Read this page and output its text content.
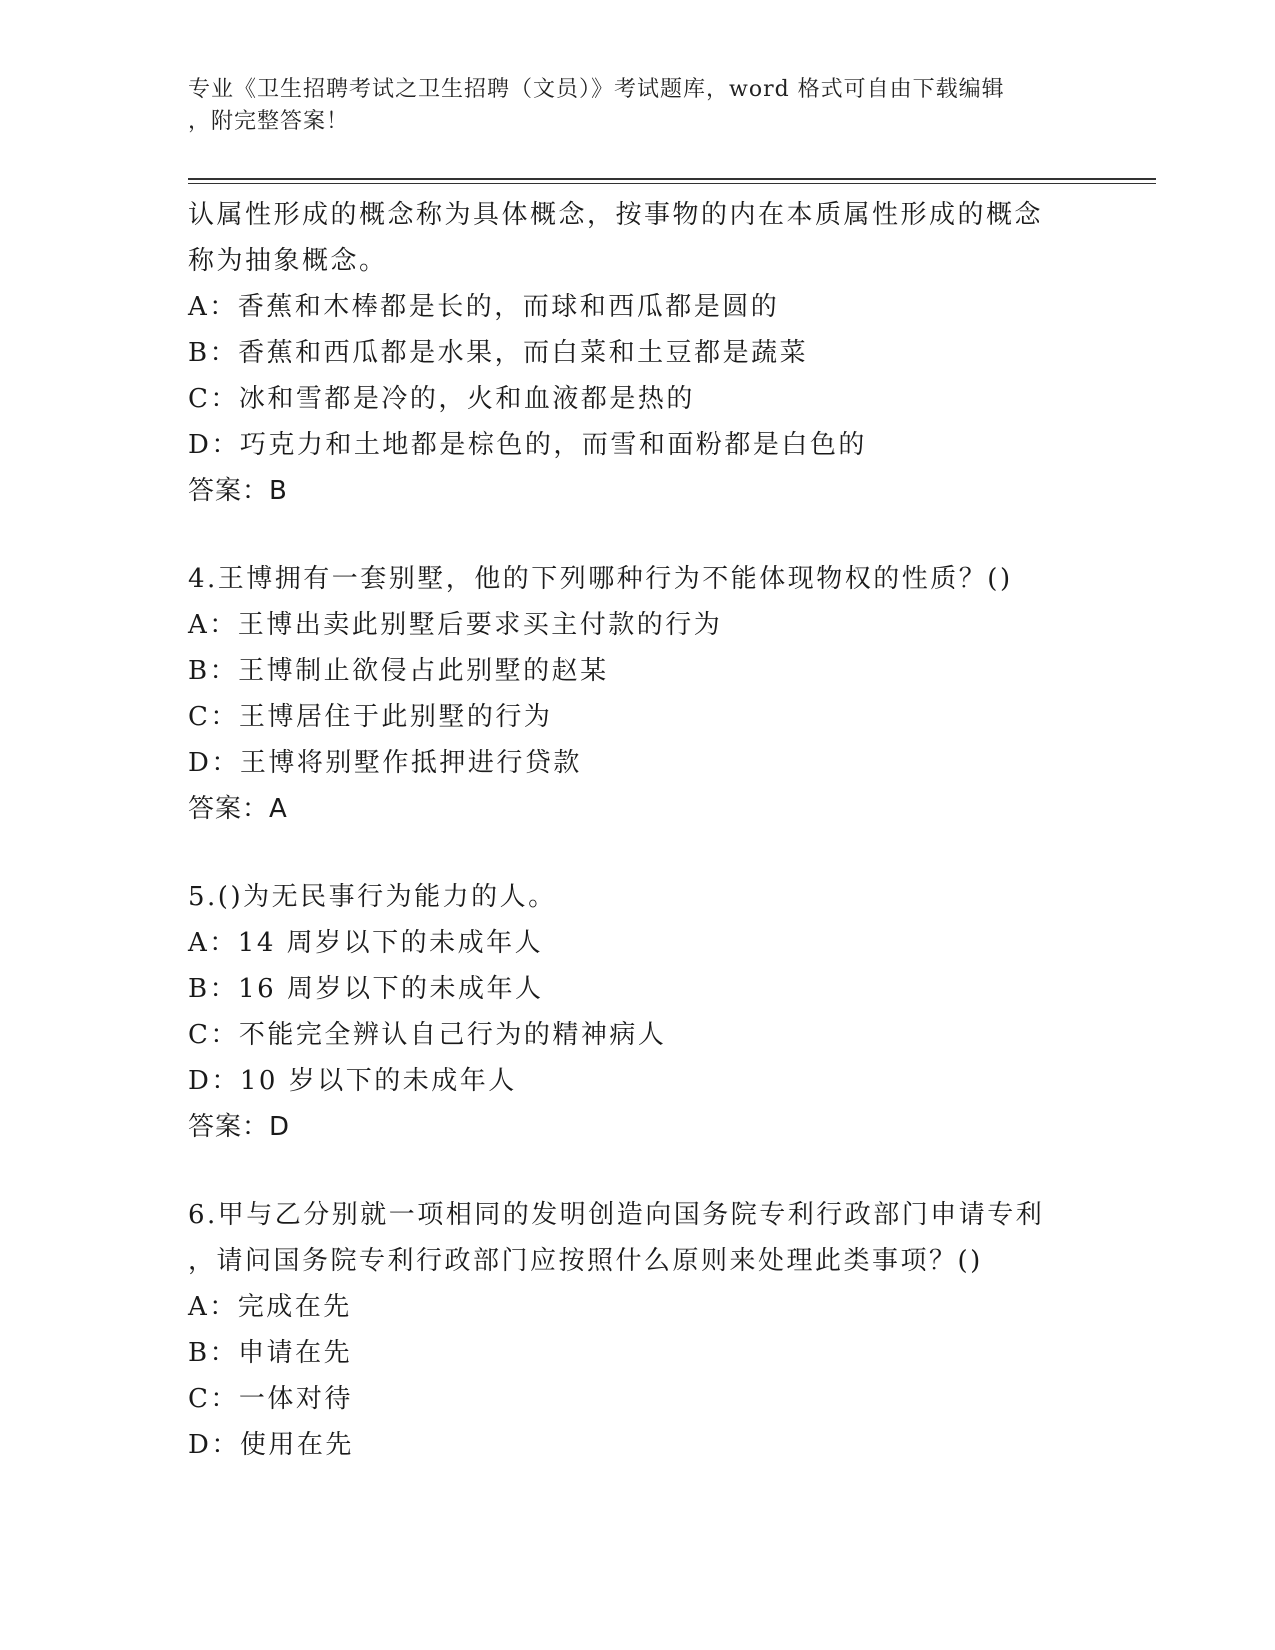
专业《卫生招聘考试之卫生招聘（文员）》考试题库，word 格式可自由下载编辑
，附完整答案！
认属性形成的概念称为具体概念，按事物的内在本质属性形成的概念
称为抽象概念。
A：香蕉和木棒都是长的，而球和西瓜都是圆的
B：香蕉和西瓜都是水果，而白菜和土豆都是蔬菜
C：冰和雪都是冷的，火和血液都是热的
D：巧克力和土地都是棕色的，而雪和面粉都是白色的
答案：B
4.王博拥有一套别墅，他的下列哪种行为不能体现物权的性质？()
A：王博出卖此别墅后要求买主付款的行为
B：王博制止欲侵占此别墅的赵某
C：王博居住于此别墅的行为
D：王博将别墅作抵押进行贷款
答案：A
5.()为无民事行为能力的人。
A：14 周岁以下的未成年人
B：16 周岁以下的未成年人
C：不能完全辨认自己行为的精神病人
D：10 岁以下的未成年人
答案：D
6.甲与乙分别就一项相同的发明创造向国务院专利行政部门申请专利
，请问国务院专利行政部门应按照什么原则来处理此类事项？()
A：完成在先
B：申请在先
C：一体对待
D：使用在先
